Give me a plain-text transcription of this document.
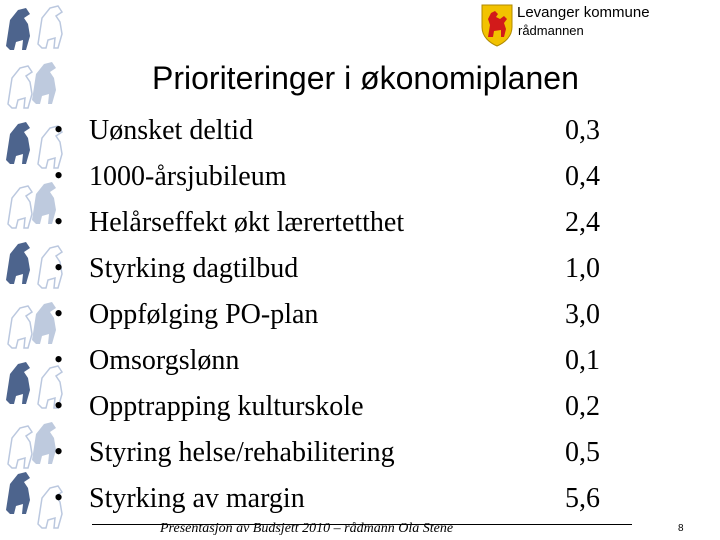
Levanger kommune
rådmannen
Prioriteringer i økonomiplanen
• Uønsket deltid	0,3
• 1000-årsjubileum	0,4
• Helårseffekt økt lærertetthet	2,4
• Styrking dagtilbud	1,0
• Oppfølging PO-plan	3,0
• Omsorgslønn	0,1
• Opptrapping kulturskole	0,2
• Styring helse/rehabilitering	0,5
• Styrking av margin	5,6
Presentasjon av Budsjett 2010 – rådmann Ola Stene	8
